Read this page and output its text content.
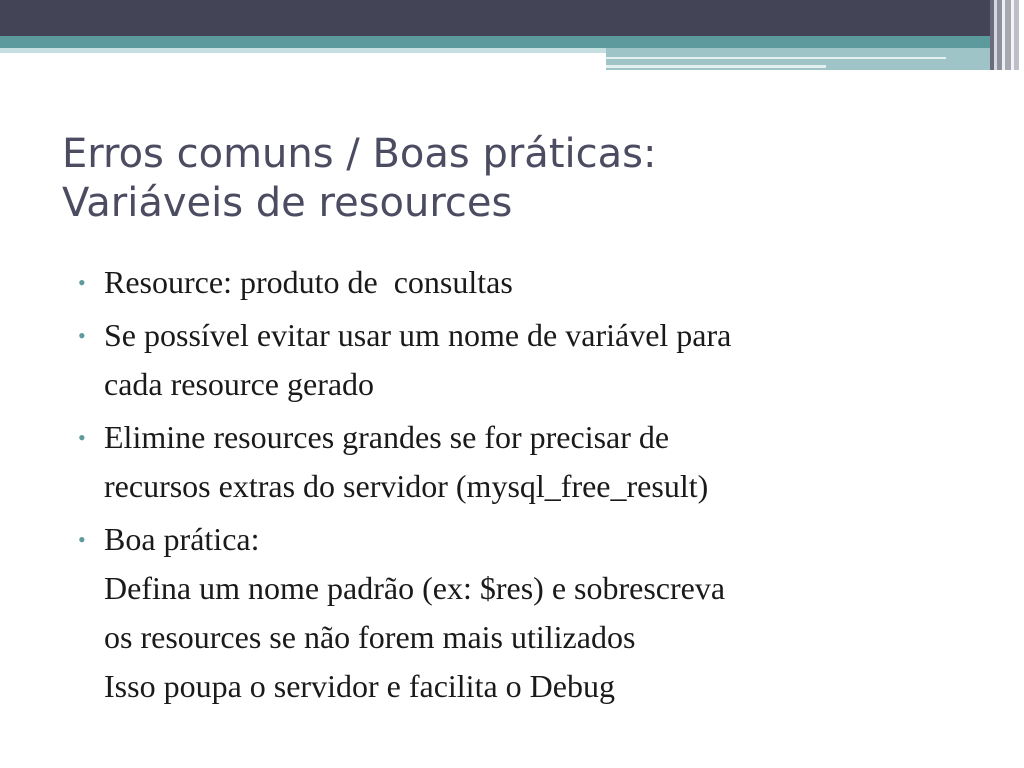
Erros comuns / Boas práticas:
Variáveis de resources
• Resource: produto de  consultas
• Se possível evitar usar um nome de variável para
cada resource gerado
• Elimine resources grandes se for precisar de
recursos extras do servidor (mysql_free_result)
• Boa prática:
Defina um nome padrão (ex: $res) e sobrescreva
os resources se não forem mais utilizados
Isso poupa o servidor e facilita o Debug
